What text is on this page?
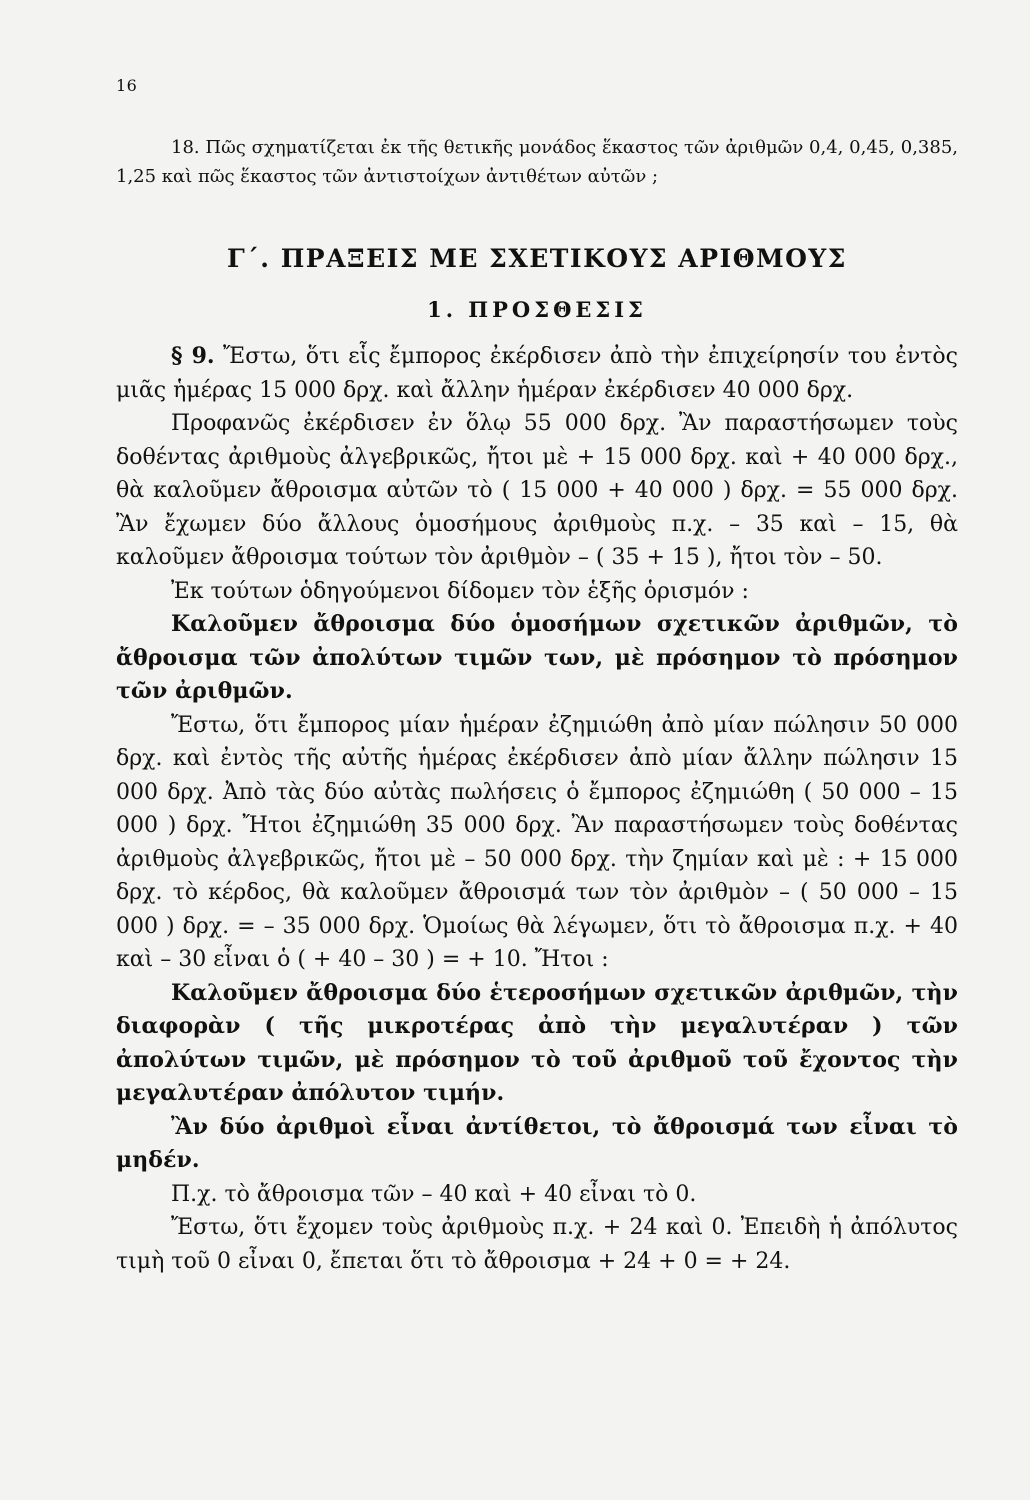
16
18. Πῶς σχηματίζεται ἐκ τῆς θετικῆς μονάδος ἕκαστος τῶν ἀριθμῶν 0,4, 0,45, 0,385, 1,25 καὶ πῶς ἕκαστος τῶν ἀντιστοίχων ἀντιθέτων αὐτῶν ;
Γ΄. ΠΡΑΞΕΙΣ ΜΕ ΣΧΕΤΙΚΟΥΣ ΑΡΙΘΜΟΥΣ
1. ΠΡΟΣΘΕΣΙΣ

§ 9. Ἔστω, ὅτι εἷς ἔμπορος ἐκέρδισεν ἀπὸ τὴν ἐπιχείρησίν του ἐντὸς μιᾶς ἡμέρας 15 000 δρχ. καὶ ἄλλην ἡμέραν ἐκέρδισεν 40 000 δρχ.

Προφανῶς ἐκέρδισεν ἐν ὅλῳ 55 000 δρχ. Ἂν παραστήσωμεν τοὺς δοθέντας ἀριθμοὺς ἀλγεβρικῶς, ἤτοι μὲ + 15 000 δρχ. καὶ + 40 000 δρχ., θὰ καλοῦμεν ἄθροισμα αὐτῶν τὸ ( 15 000 + 40 000 ) δρχ. = 55 000 δρχ. Ἂν ἔχωμεν δύο ἄλλους ὁμοσήμους ἀριθμοὺς π.χ. – 35 καὶ – 15, θὰ καλοῦμεν ἄθροισμα τούτων τὸν ἀριθμὸν – ( 35 + 15 ), ἤτοι τὸν – 50.

Ἐκ τούτων ὁδηγούμενοι δίδομεν τὸν ἑξῆς ὁρισμόν :

Καλοῦμεν ἄθροισμα δύο ὁμοσήμων σχετικῶν ἀριθμῶν, τὸ ἄθροισμα τῶν ἀπολύτων τιμῶν των, μὲ πρόσημον τὸ πρόσημον τῶν ἀριθμῶν.

Ἔστω, ὅτι ἔμπορος μίαν ἡμέραν ἐζημιώθη ἀπὸ μίαν πώλησιν 50 000 δρχ. καὶ ἐντὸς τῆς αὐτῆς ἡμέρας ἐκέρδισεν ἀπὸ μίαν ἄλλην πώλησιν 15 000 δρχ. Ἀπὸ τὰς δύο αὐτὰς πωλήσεις ὁ ἔμπορος ἐζημιώθη ( 50 000 – 15 000 ) δρχ. Ἤτοι ἐζημιώθη 35 000 δρχ. Ἂν παραστήσωμεν τοὺς δοθέντας ἀριθμοὺς ἀλγεβρικῶς, ἤτοι μὲ – 50 000 δρχ. τὴν ζημίαν καὶ μὲ : + 15 000 δρχ. τὸ κέρδος, θὰ καλοῦμεν ἄθροισμά των τὸν ἀριθμὸν – ( 50 000 – 15 000 ) δρχ. = – 35 000 δρχ. Ὁμοίως θὰ λέγωμεν, ὅτι τὸ ἄθροισμα π.χ. + 40 καὶ – 30 εἶναι ὁ ( + 40 – 30 ) = + 10. Ἤτοι :

Καλοῦμεν ἄθροισμα δύο ἑτεροσήμων σχετικῶν ἀριθμῶν, τὴν διαφορὰν ( τῆς μικροτέρας ἀπὸ τὴν μεγαλυτέραν ) τῶν ἀπολύτων τιμῶν, μὲ πρόσημον τὸ τοῦ ἀριθμοῦ τοῦ ἔχοντος τὴν μεγαλυτέραν ἀπόλυτον τιμήν.

Ἂν δύο ἀριθμοὶ εἶναι ἀντίθετοι, τὸ ἄθροισμά των εἶναι τὸ μηδέν.

Π.χ. τὸ ἄθροισμα τῶν – 40 καὶ + 40 εἶναι τὸ 0.

Ἔστω, ὅτι ἔχομεν τοὺς ἀριθμοὺς π.χ. + 24 καὶ 0. Ἐπειδὴ ἡ ἀπόλυτος τιμὴ τοῦ 0 εἶναι 0, ἔπεται ὅτι τὸ ἄθροισμα + 24 + 0 = + 24.
